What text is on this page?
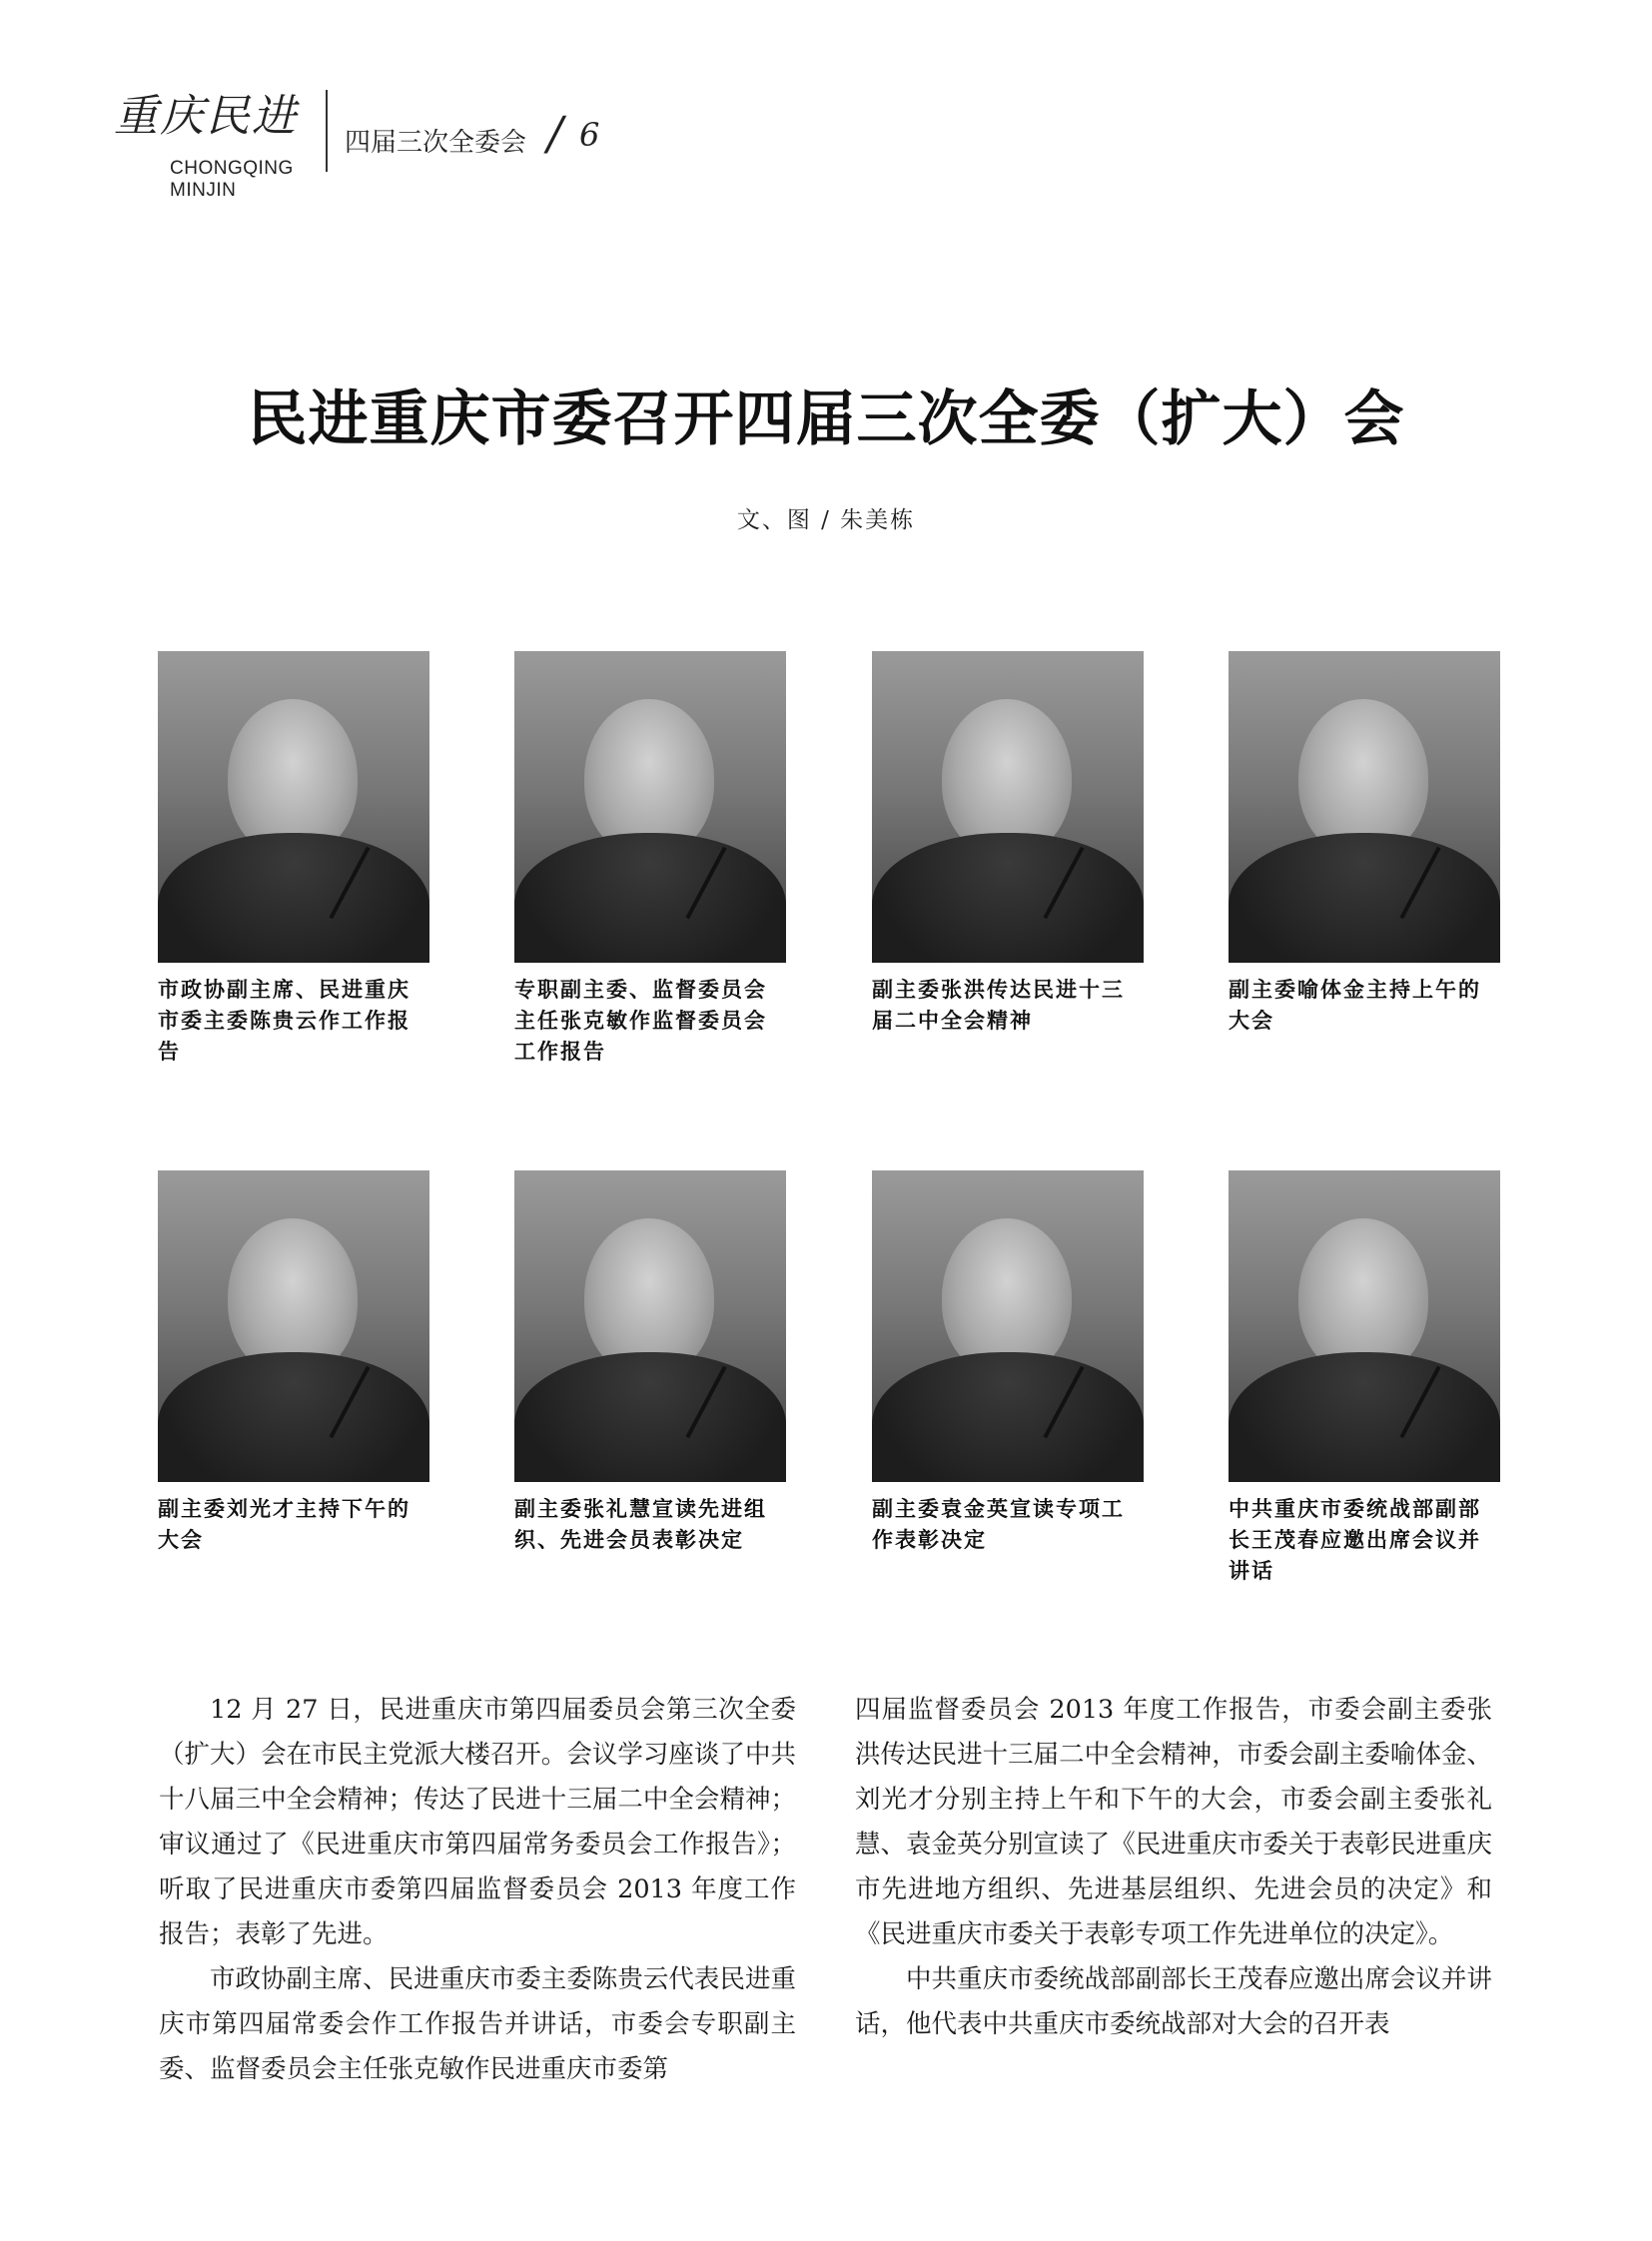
重庆民进
CHONGQING MINJIN
四届三次全委会 / 6
民进重庆市委召开四届三次全委（扩大）会
文、图 / 朱美栋
市政协副主席、民进重庆市委主委陈贵云作工作报告
专职副主委、监督委员会主任张克敏作监督委员会工作报告
副主委张洪传达民进十三届二中全会精神
副主委喻体金主持上午的大会
副主委刘光才主持下午的大会
副主委张礼慧宣读先进组织、先进会员表彰决定
副主委袁金英宣读专项工作表彰决定
中共重庆市委统战部副部长王茂春应邀出席会议并讲话

12 月 27 日，民进重庆市第四届委员会第三次全委（扩大）会在市民主党派大楼召开。会议学习座谈了中共十八届三中全会精神；传达了民进十三届二中全会精神；审议通过了《民进重庆市第四届常务委员会工作报告》；听取了民进重庆市委第四届监督委员会 2013 年度工作报告；表彰了先进。

市政协副主席、民进重庆市委主委陈贵云代表民进重庆市第四届常委会作工作报告并讲话，市委会专职副主委、监督委员会主任张克敏作民进重庆市委第

四届监督委员会 2013 年度工作报告，市委会副主委张洪传达民进十三届二中全会精神，市委会副主委喻体金、刘光才分别主持上午和下午的大会，市委会副主委张礼慧、袁金英分别宣读了《民进重庆市委关于表彰民进重庆市先进地方组织、先进基层组织、先进会员的决定》和《民进重庆市委关于表彰专项工作先进单位的决定》。

中共重庆市委统战部副部长王茂春应邀出席会议并讲话，他代表中共重庆市委统战部对大会的召开表
